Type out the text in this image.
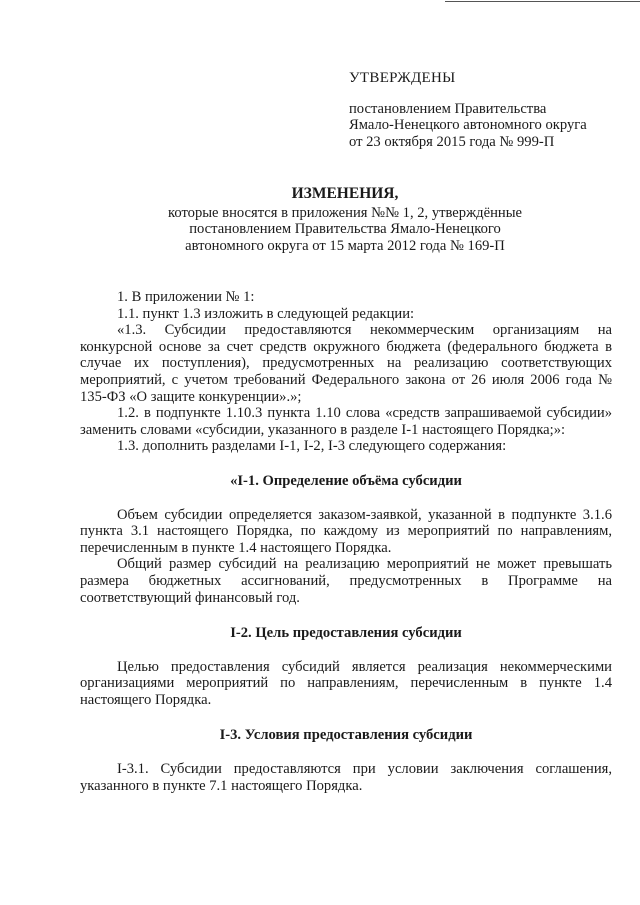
УТВЕРЖДЕНЫ
постановлением Правительства
Ямало-Ненецкого автономного округа
от 23 октября 2015 года № 999-П
ИЗМЕНЕНИЯ,
которые вносятся в приложения №№ 1, 2, утверждённые
постановлением Правительства Ямало-Ненецкого
автономного округа от 15 марта 2012 года № 169-П
1. В приложении № 1:
1.1. пункт 1.3 изложить в следующей редакции:
«1.3. Субсидии предоставляются некоммерческим организациям на конкурсной основе за счет средств окружного бюджета (федерального бюджета в случае их поступления), предусмотренных на реализацию соответствующих мероприятий, с учетом требований Федерального закона от 26 июля 2006 года № 135-ФЗ «О защите конкуренции».»;
1.2. в подпункте 1.10.3 пункта 1.10 слова «средств запрашиваемой субсидии» заменить словами «субсидии, указанного в разделе I-1 настоящего Порядка;»:
1.3. дополнить разделами I-1, I-2, I-3 следующего содержания:
«I-1. Определение объёма субсидии
Объем субсидии определяется заказом-заявкой, указанной в подпункте 3.1.6 пункта 3.1 настоящего Порядка, по каждому из мероприятий по направлениям, перечисленным в пункте 1.4 настоящего Порядка.
Общий размер субсидий на реализацию мероприятий не может превышать размера бюджетных ассигнований, предусмотренных в Программе на соответствующий финансовый год.
I-2. Цель предоставления субсидии
Целью предоставления субсидий является реализация некоммерческими организациями мероприятий по направлениям, перечисленным в пункте 1.4 настоящего Порядка.
I-3. Условия предоставления субсидии
I-3.1. Субсидии предоставляются при условии заключения соглашения, указанного в пункте 7.1 настоящего Порядка.
